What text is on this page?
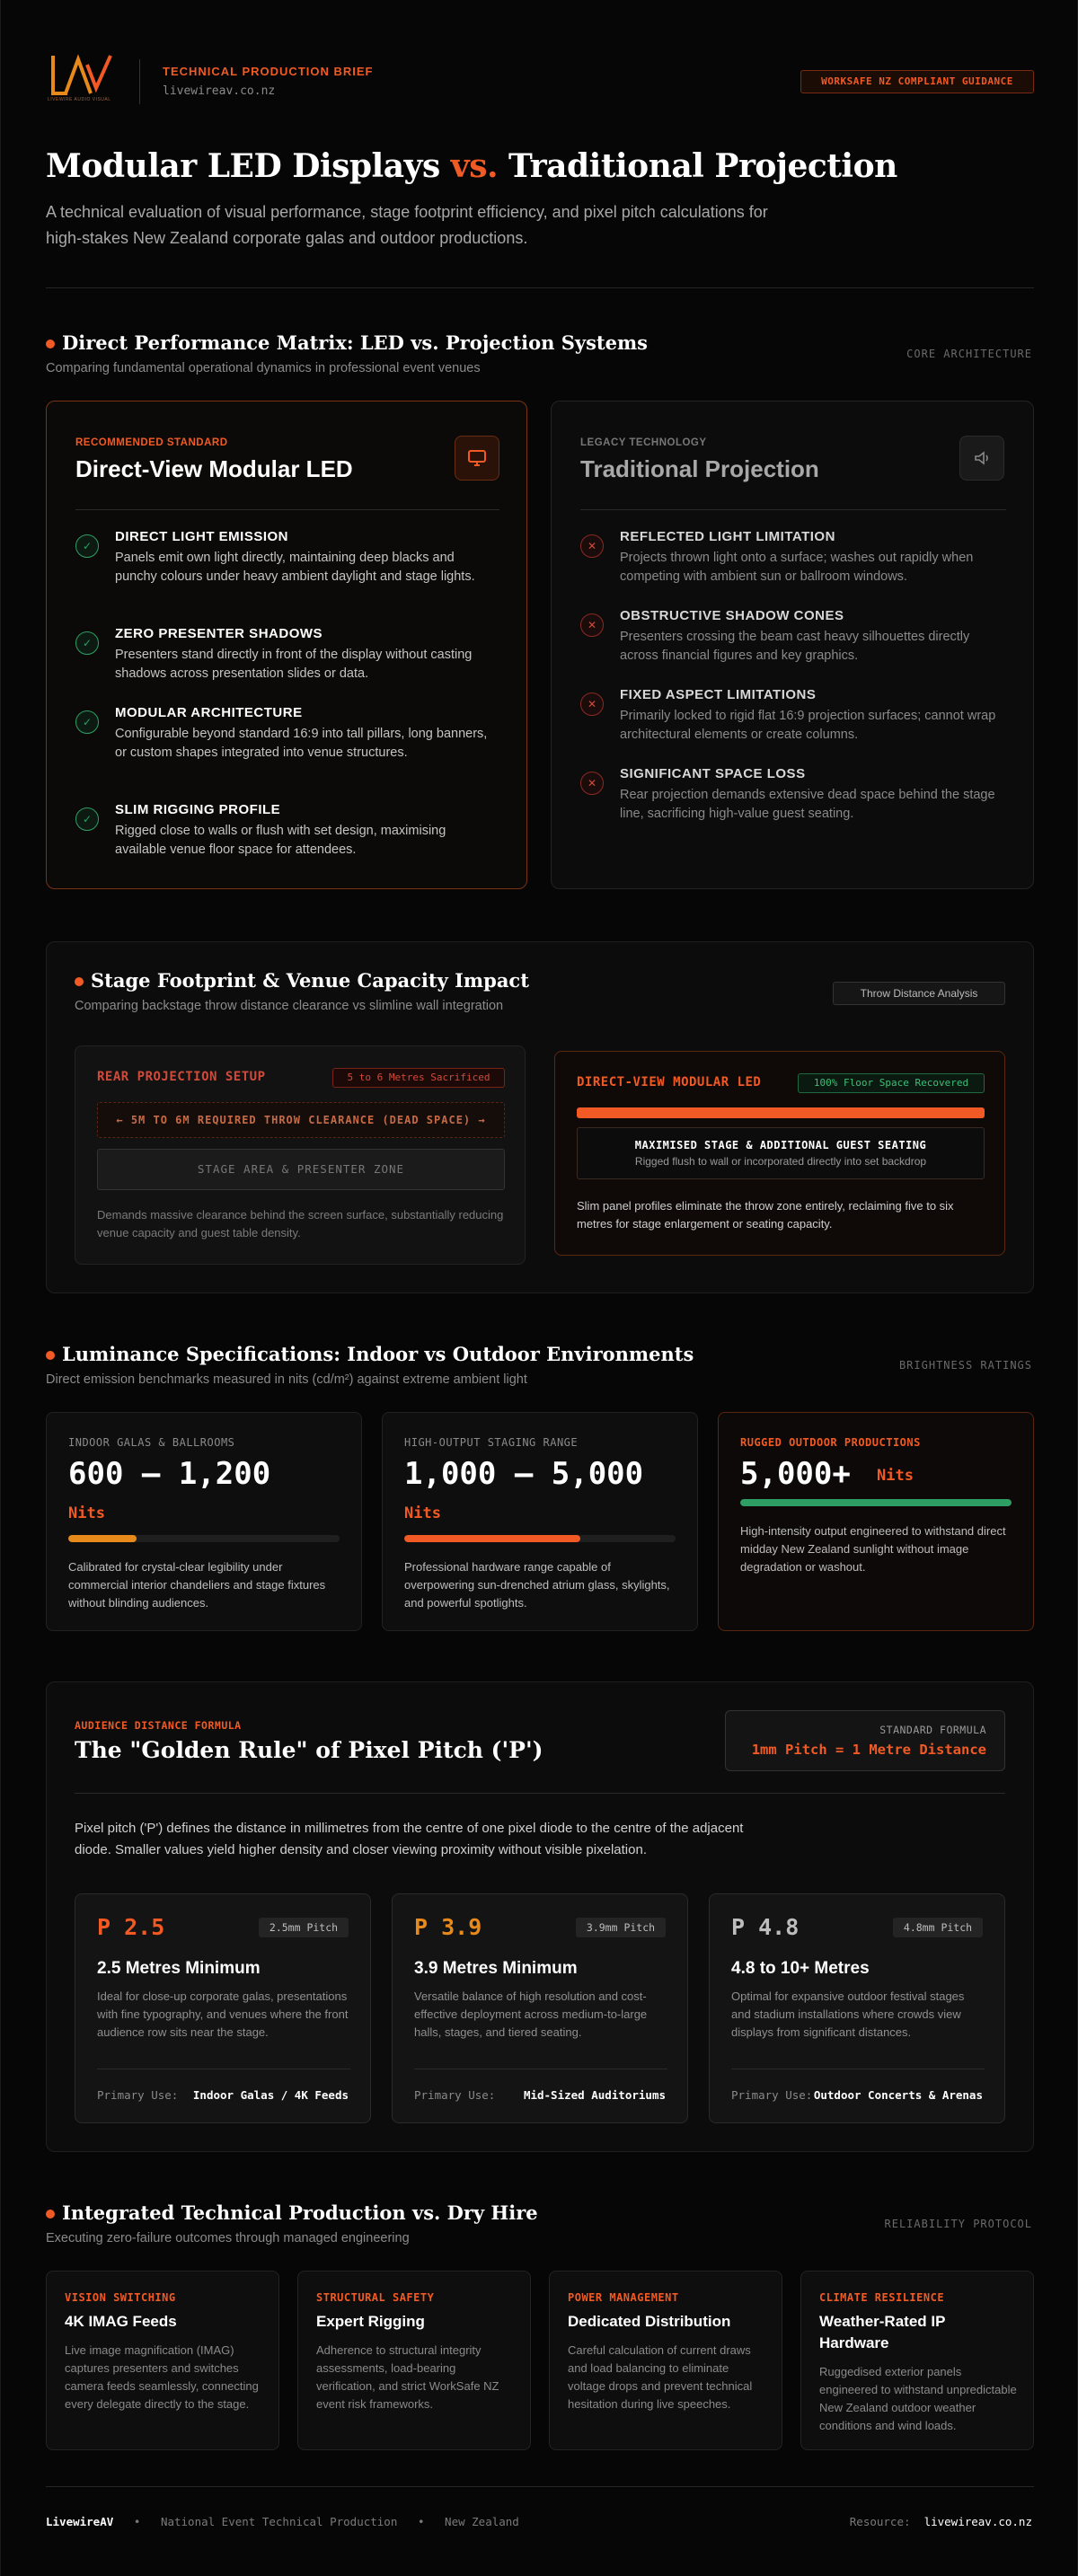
LIVEWIRE AUDIO VISUAL
TECHNICAL PRODUCTION BRIEF
livewireav.co.nz
WORKSAFE NZ COMPLIANT GUIDANCE
Modular LED Displays vs. Traditional Projection
A technical evaluation of visual performance, stage footprint efficiency, and pixel pitch calculations for high-stakes New Zealand corporate galas and outdoor productions.
Direct Performance Matrix: LED vs. Projection Systems
Comparing fundamental operational dynamics in professional event venues
CORE ARCHITECTURE
RECOMMENDED STANDARD
Direct-View Modular LED
✓
DIRECT LIGHT EMISSION
Panels emit own light directly, maintaining deep blacks and punchy colours under heavy ambient daylight and stage lights.
✓
ZERO PRESENTER SHADOWS
Presenters stand directly in front of the display without casting shadows across presentation slides or data.
✓
MODULAR ARCHITECTURE
Configurable beyond standard 16:9 into tall pillars, long banners, or custom shapes integrated into venue structures.
✓
SLIM RIGGING PROFILE
Rigged close to walls or flush with set design, maximising available venue floor space for attendees.
LEGACY TECHNOLOGY
Traditional Projection
✕
REFLECTED LIGHT LIMITATION
Projects thrown light onto a surface; washes out rapidly when competing with ambient sun or ballroom windows.
✕
OBSTRUCTIVE SHADOW CONES
Presenters crossing the beam cast heavy silhouettes directly across financial figures and key graphics.
✕
FIXED ASPECT LIMITATIONS
Primarily locked to rigid flat 16:9 projection surfaces; cannot wrap architectural elements or create columns.
✕
SIGNIFICANT SPACE LOSS
Rear projection demands extensive dead space behind the stage line, sacrificing high-value guest seating.
Stage Footprint & Venue Capacity Impact
Comparing backstage throw distance clearance vs slimline wall integration
Throw Distance Analysis
REAR PROJECTION SETUP	5 to 6 Metres Sacrificed
← 5M TO 6M REQUIRED THROW CLEARANCE (DEAD SPACE) →
STAGE AREA & PRESENTER ZONE
Demands massive clearance behind the screen surface, substantially reducing venue capacity and guest table density.
DIRECT-VIEW MODULAR LED	100% Floor Space Recovered
MAXIMISED STAGE & ADDITIONAL GUEST SEATING
Rigged flush to wall or incorporated directly into set backdrop
Slim panel profiles eliminate the throw zone entirely, reclaiming five to six metres for stage enlargement or seating capacity.
Luminance Specifications: Indoor vs Outdoor Environments
Direct emission benchmarks measured in nits (cd/m²) against extreme ambient light
BRIGHTNESS RATINGS
INDOOR GALAS & BALLROOMS
600 – 1,200
Nits
Calibrated for crystal-clear legibility under commercial interior chandeliers and stage fixtures without blinding audiences.
HIGH-OUTPUT STAGING RANGE
1,000 – 5,000
Nits
Professional hardware range capable of overpowering sun-drenched atrium glass, skylights, and powerful spotlights.
RUGGED OUTDOOR PRODUCTIONS
5,000+ Nits
High-intensity output engineered to withstand direct midday New Zealand sunlight without image degradation or washout.
AUDIENCE DISTANCE FORMULA
The "Golden Rule" of Pixel Pitch ('P')
STANDARD FORMULA
1mm Pitch = 1 Metre Distance
Pixel pitch ('P') defines the distance in millimetres from the centre of one pixel diode to the centre of the adjacent diode. Smaller values yield higher density and closer viewing proximity without visible pixelation.
P 2.5	2.5mm Pitch
2.5 Metres Minimum
Ideal for close-up corporate galas, presentations with fine typography, and venues where the front audience row sits near the stage.
Primary Use: Indoor Galas / 4K Feeds
P 3.9	3.9mm Pitch
3.9 Metres Minimum
Versatile balance of high resolution and cost-effective deployment across medium-to-large halls, stages, and tiered seating.
Primary Use:	Mid-Sized Auditoriums
P 4.8	4.8mm Pitch
4.8 to 10+ Metres
Optimal for expansive outdoor festival stages and stadium installations where crowds view displays from significant distances.
Primary Use: Outdoor Concerts & Arenas
Integrated Technical Production vs. Dry Hire
Executing zero-failure outcomes through managed engineering
RELIABILITY PROTOCOL
VISION SWITCHING
4K IMAG Feeds
Live image magnification (IMAG) captures presenters and switches camera feeds seamlessly, connecting every delegate directly to the stage.
STRUCTURAL SAFETY
Expert Rigging
Adherence to structural integrity assessments, load-bearing verification, and strict WorkSafe NZ event risk frameworks.
POWER MANAGEMENT
Dedicated Distribution
Careful calculation of current draws and load balancing to eliminate voltage drops and prevent technical hesitation during live speeches.
CLIMATE RESILIENCE
Weather-Rated IP Hardware
Ruggedised exterior panels engineered to withstand unpredictable New Zealand outdoor weather conditions and wind loads.
LivewireAV • National Event Technical Production • New Zealand	Resource: livewireav.co.nz
